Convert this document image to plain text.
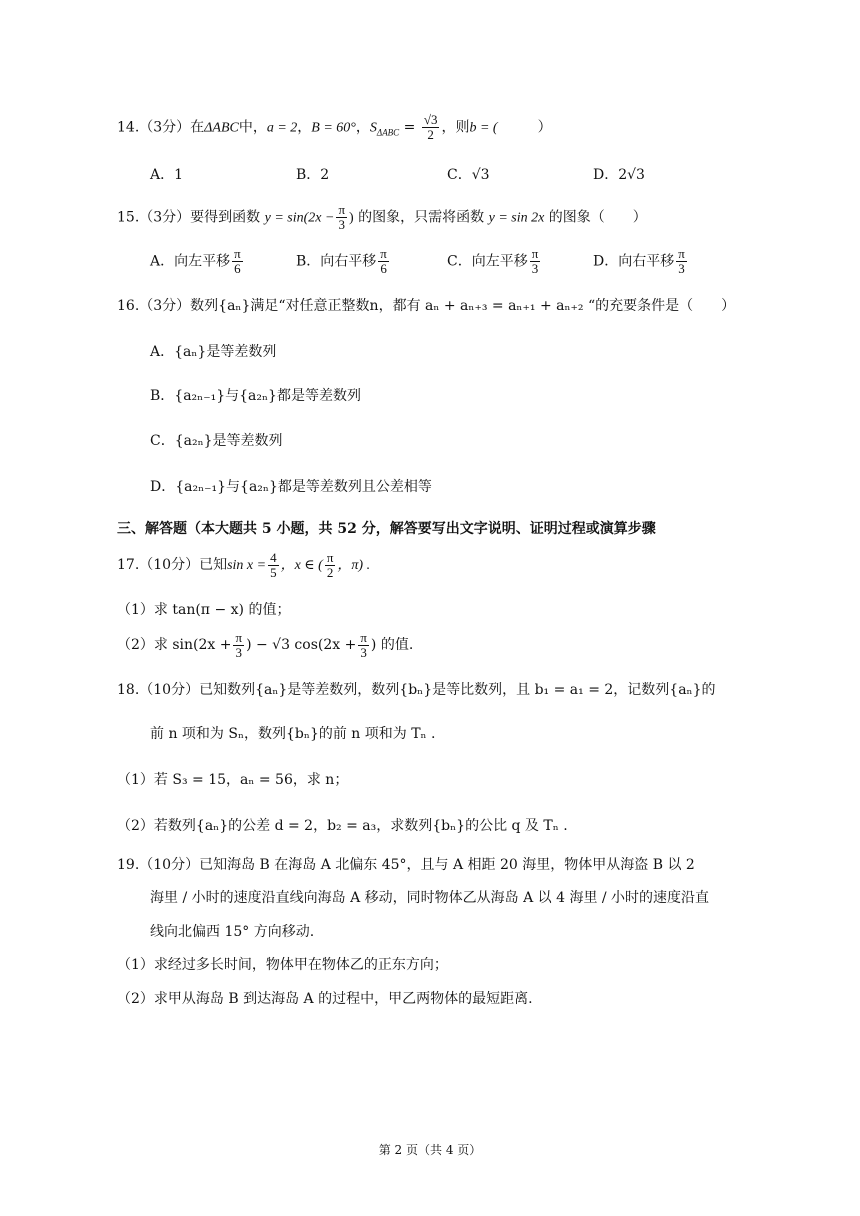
14.（3分）在ΔABC中，a = 2，B = 60°，$S_{\Delta ABC} = \frac{√3}{2}$ ，则b = (	）
A．1	B．2	C．√3	D．2√3
15.（3分）要得到函数 $y = \sin(2x - \frac{\pi}{3}$ ) 的图象，只需将函数 y = sin 2x 的图象（　　）
A．向左平移 $\frac{\pi}{6}$	B．向右平移 $\frac{\pi}{6}$	C．向左平移 $\frac{\pi}{3}$	D．向右平移 $\frac{\pi}{3}$
16.（3分）数列{aₙ}满足“对任意正整数n，都有 aₙ + aₙ₊₃ = aₙ₊₁ + aₙ₊₂ “的充要条件是（　　）
A．{aₙ}是等差数列
B．{a₂ₙ₋₁}与{a₂ₙ}都是等差数列
C．{a₂ₙ}是等差数列
D．{a₂ₙ₋₁}与{a₂ₙ}都是等差数列且公差相等
三、解答题（本大题共 5 小题，共 52 分，解答要写出文字说明、证明过程或演算步骤
17.（10分）已知$\sin x = \frac{4}{5}$ ，x ∈ ( $\frac{\pi}{2}$ ，π) .
（1）求 tan(π − x) 的值；
（2）求 $\sin(2x + \frac{\pi}{3}$ ) − √3 $\cos(2x + \frac{\pi}{3}$ ) 的值.
18.（10分）已知数列{aₙ}是等差数列，数列{bₙ}是等比数列，且 b₁ = a₁ = 2，记数列{aₙ}的
前 n 项和为 Sₙ，数列{bₙ}的前 n 项和为 Tₙ .
（1）若 S₃ = 15，aₙ = 56，求 n；
（2）若数列{aₙ}的公差 d = 2，b₂ = a₃，求数列{bₙ}的公比 q 及 Tₙ .
19.（10分）已知海岛 B 在海岛 A 北偏东 45°，且与 A 相距 20 海里，物体甲从海盗 B 以 2
海里 / 小时的速度沿直线向海岛 A 移动，同时物体乙从海岛 A 以 4 海里 / 小时的速度沿直
线向北偏西 15° 方向移动.
（1）求经过多长时间，物体甲在物体乙的正东方向；
（2）求甲从海岛 B 到达海岛 A 的过程中，甲乙两物体的最短距离.
第 2 页（共 4 页）
